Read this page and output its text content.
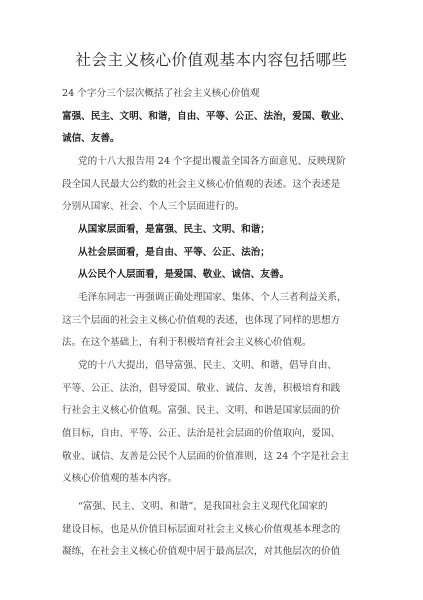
社会主义核心价值观基本内容包括哪些
24 个字分三个层次概括了社会主义核心价值观
富强、民主、文明、和谐，自由、平等、公正、法治，爱国、敬业、
诚信、友善。
党的十八大报告用 24 个字提出覆盖全国各方面意见、反映现阶
段全国人民最大公约数的社会主义核心价值观的表述。这个表述是
分别从国家、社会、个人三个层面进行的。
从国家层面看，是富强、民主、文明、和谐；
从社会层面看，是自由、平等、公正、法治；
从公民个人层面看，是爱国、敬业、诚信、友善。
毛泽东同志一再强调正确处理国家、集体、个人三者利益关系，
这三个层面的社会主义核心价值观的表述，也体现了同样的思想方
法。在这个基础上，有利于积极培育社会主义核心价值观。
党的十八大提出，倡导富强、民主、文明、和谐，倡导自由、
平等、公正、法治，倡导爱国、敬业、诚信、友善，积极培育和践
行社会主义核心价值观。富强、民主、文明、和谐是国家层面的价
值目标，自由、平等、公正、法治是社会层面的价值取向，爱国、
敬业、诚信、友善是公民个人层面的价值准则，这 24 个字是社会主
义核心价值观的基本内容。
“富强、民主、文明、和谐”，是我国社会主义现代化国家的
建设目标，也是从价值目标层面对社会主义核心价值观基本理念的
凝练，在社会主义核心价值观中居于最高层次，对其他层次的价值
